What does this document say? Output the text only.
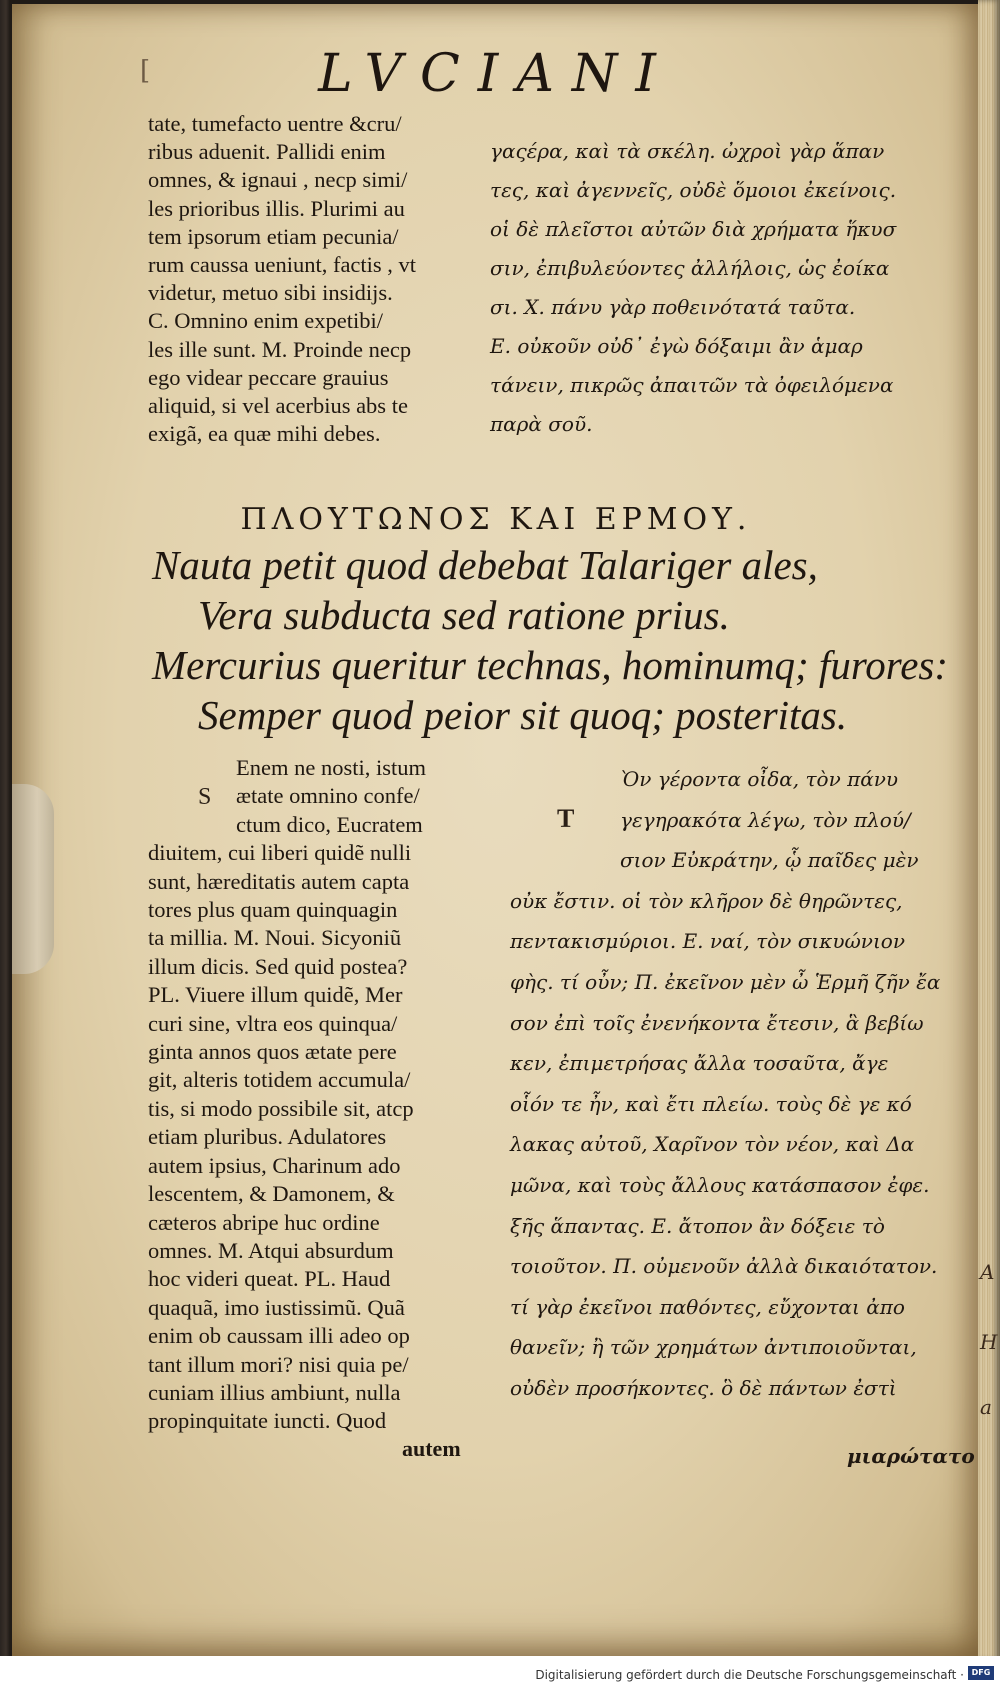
[	LVCIANI
tate, tumefacto uentre &cru/
ribus aduenit. Pallidi enim
omnes, & ignaui , necp simi/
les prioribus illis. Plurimi au
tem ipsorum etiam pecunia/
rum caussa ueniunt, factis , vt
videtur, metuo sibi insidijs.
C. Omnino enim expetibi/
les ille sunt. M. Proinde necp
ego videar peccare grauius
aliquid, si vel acerbius abs te
exigã, ea quæ mihi debes.
γαςέρα, καὶ τὰ σκέλη. ὠχροὶ γὰρ ἅπαν
τες, καὶ ἀγεννεῖς, οὐδὲ ὅμοιοι ἐκείνοις.
οἱ δὲ πλεῖστοι αὐτῶν διὰ χρήματα ἥκυσ
σιν, ἐπιβυλεύοντες ἀλλήλοις, ὡς ἐοίκα
σι. Χ. πάνυ γὰρ ποθεινότατά ταῦτα.
Ε. οὐκοῦν οὐδ᾽ ἐγὼ δόξαιμι ἂν ἁμαρ
τάνειν, πικρῶς ἀπαιτῶν τὰ ὀφειλόμενα
παρὰ σοῦ.
ΠΛΟΥΤΩΝΟΣ ΚΑΙ ΕΡΜΟΥ.
Nauta petit quod debebat Talariger ales,
Vera subducta sed ratione prius.
Mercurius queritur technas, hominumq; furores:
Semper quod peior sit quoq; posteritas.
S
Enem ne nosti, istum
ætate omnino confe/
ctum dico, Eucratem
diuitem, cui liberi quidẽ nulli
sunt, hæreditatis autem capta
tores plus quam quinquagin
ta millia. M. Noui. Sicyoniũ
illum dicis. Sed quid postea?
PL. Viuere illum quidẽ, Mer
curi sine, vltra eos quinqua/
ginta annos quos ætate pere
git, alteris totidem accumula/
tis, si modo possibile sit, atcp
etiam pluribus. Adulatores
autem ipsius, Charinum ado
lescentem, & Damonem, &
cæteros abripe huc ordine
omnes. M. Atqui absurdum
hoc videri queat. PL. Haud
quaquã, imo iustissimũ. Quã
enim ob caussam illi adeo op
tant illum mori? nisi quia pe/
cuniam illius ambiunt, nulla
propinquitate iuncti. Quod
autem
Τ
Ὸν γέροντα οἶδα, τὸν πάνυ
γεγηρακότα λέγω, τὸν πλού/
σιον Εὐκράτην, ᾧ παῖδες μὲν
οὐκ ἔστιν. οἱ τὸν κλῆρον δὲ θηρῶντες,
πεντακισμύριοι. Ε. ναί, τὸν σικυώνιον
φὴς. τί οὖν; Π. ἐκεῖνον μὲν ὦ Ἑρμῆ ζῆν ἔα
σον ἐπὶ τοῖς ἐνενήκοντα ἔτεσιν, ἃ βεβίω
κεν, ἐπιμετρήσας ἄλλα τοσαῦτα, ἄγε
οἷόν τε ἦν, καὶ ἔτι πλείω. τοὺς δὲ γε κό
λακας αὐτοῦ, Χαρῖνον τὸν νέον, καὶ Δα
μῶνα, καὶ τοὺς ἄλλους κατάσπασον ἐφε.
ξῆς ἅπαντας. Ε. ἄτοπον ἂν δόξειε τὸ
τοιοῦτον. Π. οὐμενοῦν ἀλλὰ δικαιότατον.
τί γὰρ ἐκεῖνοι παθόντες, εὔχονται ἀπο
θανεῖν; ἢ τῶν χρημάτων ἀντιποιοῦνται,
οὐδὲν προσήκοντες. ὃ δὲ πάντων ἐστὶ
μιαρώτατο
A
H
a
Digitalisierung gefördert durch die Deutsche Forschungsgemeinschaft · DFG
